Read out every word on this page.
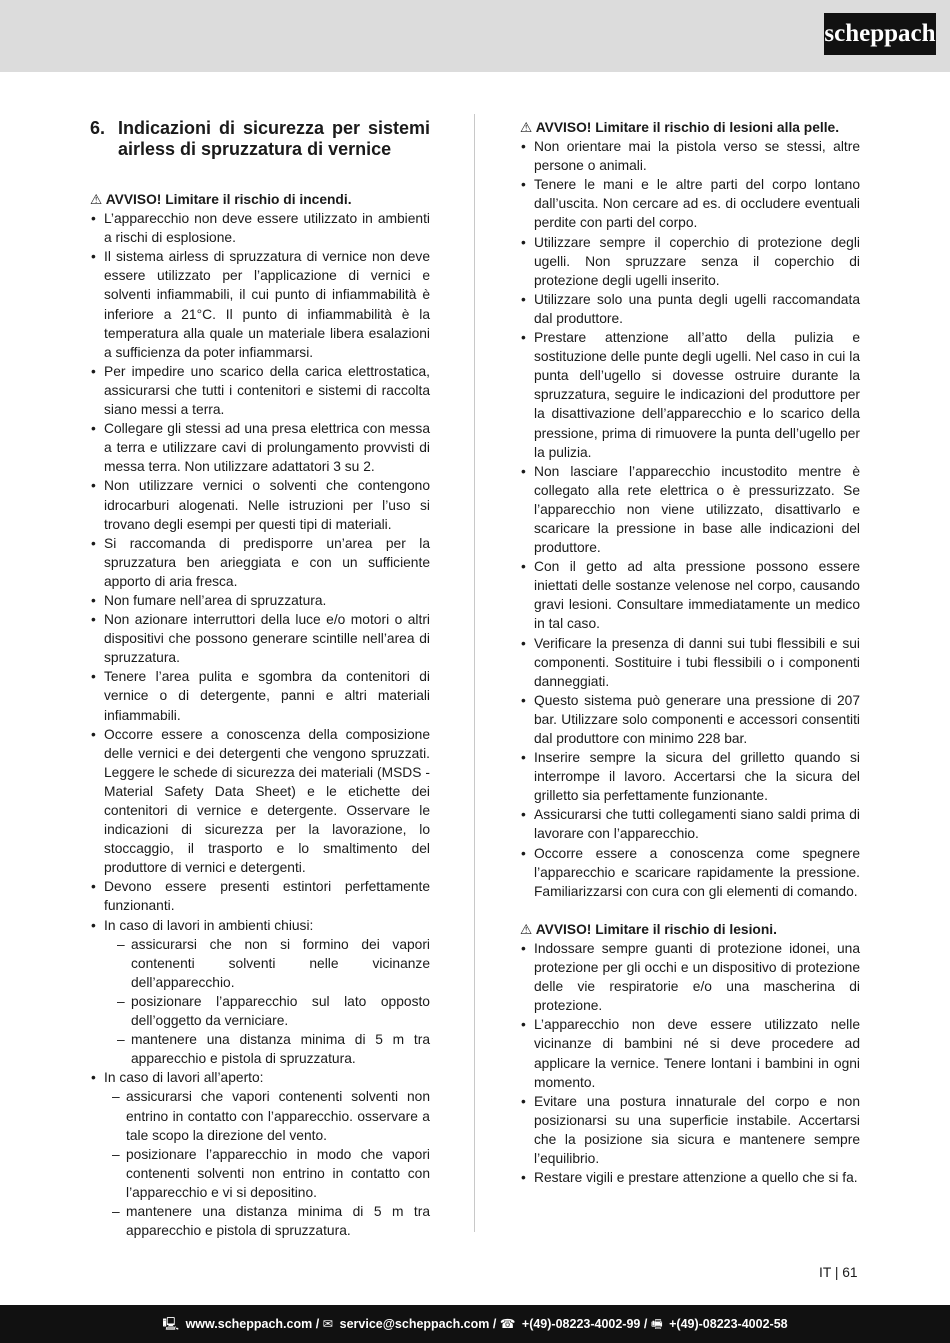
scheppach
6. Indicazioni di sicurezza per sistemi airless di spruzzatura di vernice

⚠ AVVISO! Limitare il rischio di incendi.

• L’apparecchio non deve essere utilizzato in ambienti a rischi di esplosione.
• Il sistema airless di spruzzatura di vernice non deve essere utilizzato per l’applicazione di vernici e solventi infiammabili, il cui punto di infiammabilità è inferiore a 21°C. Il punto di infiammabilità è la temperatura alla quale un materiale libera esalazioni a sufficienza da poter infiammarsi.
• Per impedire uno scarico della carica elettrostatica, assicurarsi che tutti i contenitori e sistemi di raccolta siano messi a terra.
• Collegare gli stessi ad una presa elettrica con messa a terra e utilizzare cavi di prolungamento provvisti di messa terra. Non utilizzare adattatori 3 su 2.
• Non utilizzare vernici o solventi che contengono idrocarburi alogenati. Nelle istruzioni per l’uso si trovano degli esempi per questi tipi di materiali.
• Si raccomanda di predisporre un’area per la spruzzatura ben arieggiata e con un sufficiente apporto di aria fresca.
• Non fumare nell’area di spruzzatura.
• Non azionare interruttori della luce e/o motori o altri dispositivi che possono generare scintille nell’area di spruzzatura.
• Tenere l’area pulita e sgombra da contenitori di vernice o di detergente, panni e altri materiali infiammabili.
• Occorre essere a conoscenza della composizione delle vernici e dei detergenti che vengono spruzzati. Leggere le schede di sicurezza dei materiali (MSDS - Material Safety Data Sheet) e le etichette dei contenitori di vernice e detergente. Osservare le indicazioni di sicurezza per la lavorazione, lo stoccaggio, il trasporto e lo smaltimento del produttore di vernici e detergenti.
• Devono essere presenti estintori perfettamente funzionanti.
• In caso di lavori in ambienti chiusi:
– assicurarsi che non si formino dei vapori contenenti solventi nelle vicinanze dell’apparecchio.
– posizionare l’apparecchio sul lato opposto dell’oggetto da verniciare.
– mantenere una distanza minima di 5 m tra apparecchio e pistola di spruzzatura.
• In caso di lavori all’aperto:
– assicurarsi che vapori contenenti solventi non entrino in contatto con l’apparecchio. osservare a tale scopo la direzione del vento.
– posizionare l’apparecchio in modo che vapori contenenti solventi non entrino in contatto con l’apparecchio e vi si depositino.
– mantenere una distanza minima di 5 m tra apparecchio e pistola di spruzzatura.

⚠ AVVISO! Limitare il rischio di lesioni alla pelle.

• Non orientare mai la pistola verso se stessi, altre persone o animali.
• Tenere le mani e le altre parti del corpo lontano dall’uscita. Non cercare ad es. di occludere eventuali perdite con parti del corpo.
• Utilizzare sempre il coperchio di protezione degli ugelli. Non spruzzare senza il coperchio di protezione degli ugelli inserito.
• Utilizzare solo una punta degli ugelli raccomandata dal produttore.
• Prestare attenzione all’atto della pulizia e sostituzione delle punte degli ugelli. Nel caso in cui la punta dell’ugello si dovesse ostruire durante la spruzzatura, seguire le indicazioni del produttore per la disattivazione dell’apparecchio e lo scarico della pressione, prima di rimuovere la punta dell’ugello per la pulizia.
• Non lasciare l’apparecchio incustodito mentre è collegato alla rete elettrica o è pressurizzato. Se l’apparecchio non viene utilizzato, disattivarlo e scaricare la pressione in base alle indicazioni del produttore.
• Con il getto ad alta pressione possono essere iniettati delle sostanze velenose nel corpo, causando gravi lesioni. Consultare immediatamente un medico in tal caso.
• Verificare la presenza di danni sui tubi flessibili e sui componenti. Sostituire i tubi flessibili o i componenti danneggiati.
• Questo sistema può generare una pressione di 207 bar. Utilizzare solo componenti e accessori consentiti dal produttore con minimo 228 bar.
• Inserire sempre la sicura del grilletto quando si interrompe il lavoro. Accertarsi che la sicura del grilletto sia perfettamente funzionante.
• Assicurarsi che tutti collegamenti siano saldi prima di lavorare con l’apparecchio.
• Occorre essere a conoscenza come spegnere l’apparecchio e scaricare rapidamente la pressione. Familiarizzarsi con cura con gli elementi di comando.

⚠ AVVISO! Limitare il rischio di lesioni.

• Indossare sempre guanti di protezione idonei, una protezione per gli occhi e un dispositivo di protezione delle vie respiratorie e/o una mascherina di protezione.
• L’apparecchio non deve essere utilizzato nelle vicinanze di bambini né si deve procedere ad applicare la vernice. Tenere lontani i bambini in ogni momento.
• Evitare una postura innaturale del corpo e non posizionarsi su una superficie instabile. Accertarsi che la posizione sia sicura e mantenere sempre l’equilibrio.
• Restare vigili e prestare attenzione a quello che si fa.
IT | 61
🖳 www.scheppach.com / ✉ service@scheppach.com / ☎ +(49)-08223-4002-99 / 🖷 +(49)-08223-4002-58
